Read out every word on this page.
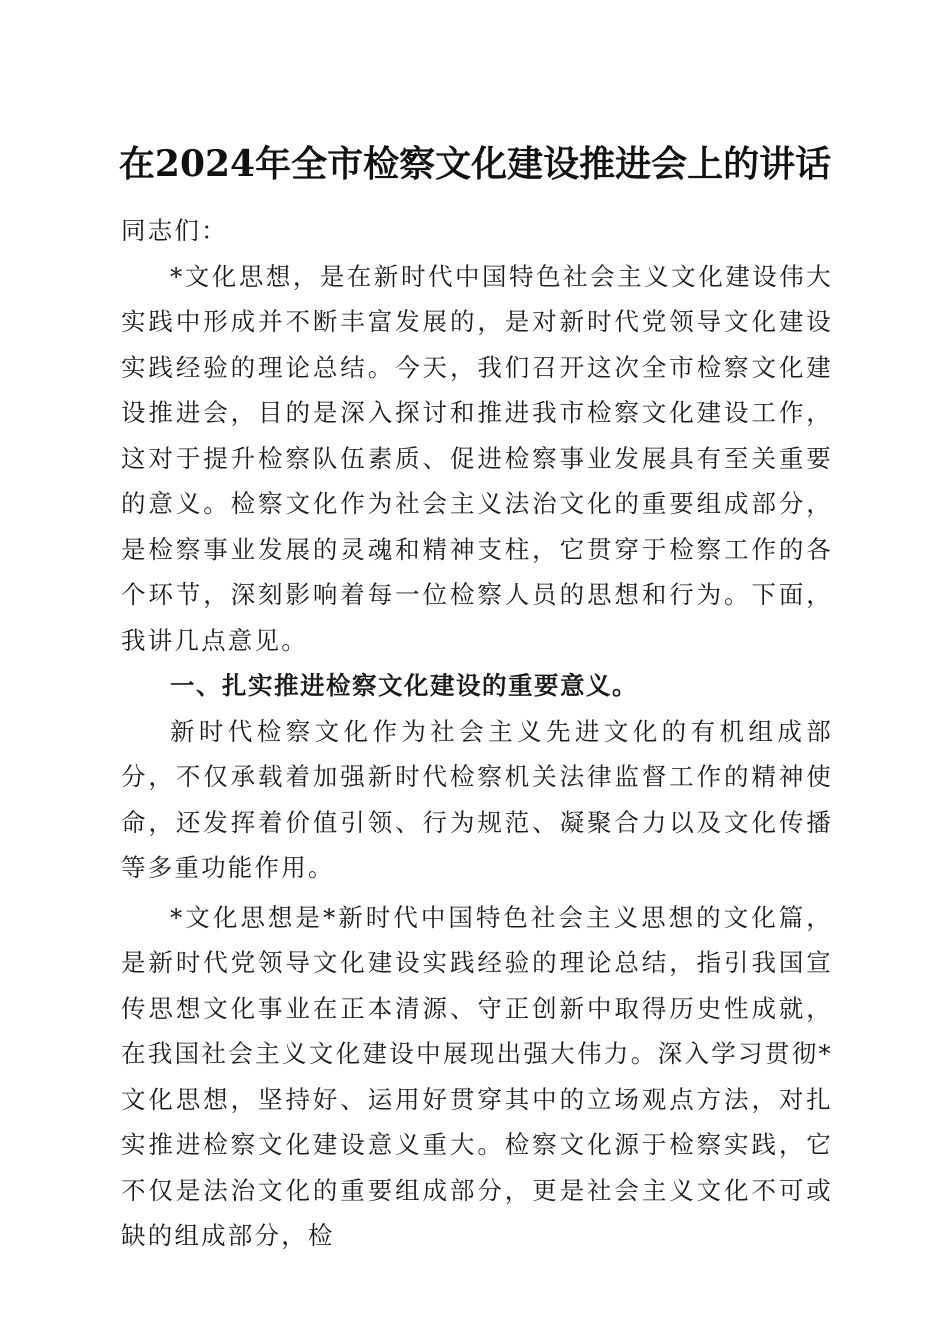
在2024年全市检察文化建设推进会上的讲话

同志们：

*文化思想，是在新时代中国特色社会主义文化建设伟大实践中形成并不断丰富发展的，是对新时代党领导文化建设实践经验的理论总结。今天，我们召开这次全市检察文化建设推进会，目的是深入探讨和推进我市检察文化建设工作，这对于提升检察队伍素质、促进检察事业发展具有至关重要的意义。检察文化作为社会主义法治文化的重要组成部分，是检察事业发展的灵魂和精神支柱，它贯穿于检察工作的各个环节，深刻影响着每一位检察人员的思想和行为。下面，我讲几点意见。

一、扎实推进检察文化建设的重要意义。

新时代检察文化作为社会主义先进文化的有机组成部分，不仅承载着加强新时代检察机关法律监督工作的精神使命，还发挥着价值引领、行为规范、凝聚合力以及文化传播等多重功能作用。

*文化思想是*新时代中国特色社会主义思想的文化篇，是新时代党领导文化建设实践经验的理论总结，指引我国宣传思想文化事业在正本清源、守正创新中取得历史性成就，在我国社会主义文化建设中展现出强大伟力。深入学习贯彻*文化思想，坚持好、运用好贯穿其中的立场观点方法，对扎实推进检察文化建设意义重大。检察文化源于检察实践，它不仅是法治文化的重要组成部分，更是社会主义文化不可或缺的组成部分，检
